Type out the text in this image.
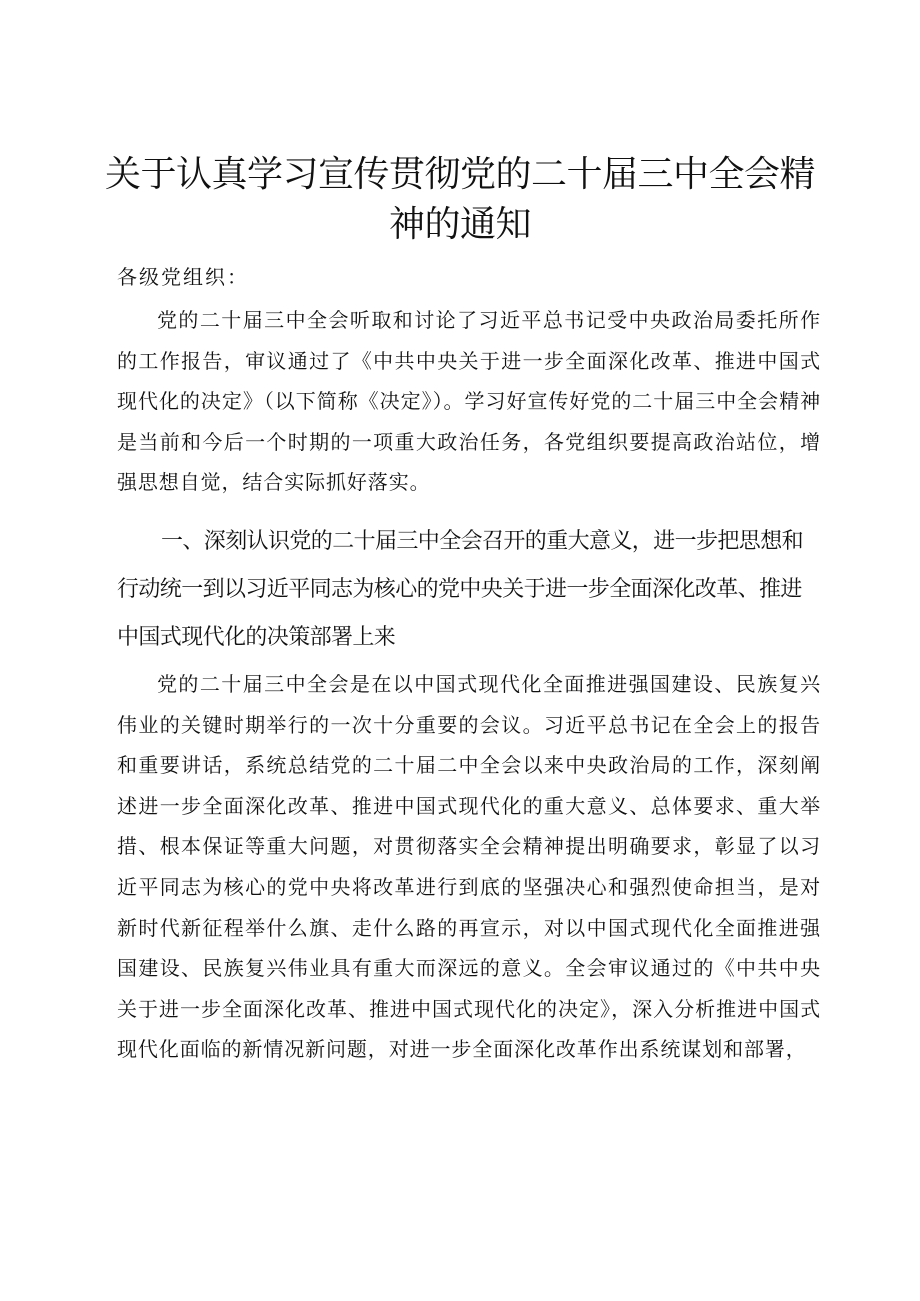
关于认真学习宣传贯彻党的二十届三中全会精神的通知

各级党组织：

党的二十届三中全会听取和讨论了习近平总书记受中央政治局委托所作的工作报告，审议通过了《中共中央关于进一步全面深化改革、推进中国式现代化的决定》（以下简称《决定》）。学习好宣传好党的二十届三中全会精神是当前和今后一个时期的一项重大政治任务，各党组织要提高政治站位，增强思想自觉，结合实际抓好落实。

一、深刻认识党的二十届三中全会召开的重大意义，进一步把思想和行动统一到以习近平同志为核心的党中央关于进一步全面深化改革、推进中国式现代化的决策部署上来

党的二十届三中全会是在以中国式现代化全面推进强国建设、民族复兴伟业的关键时期举行的一次十分重要的会议。习近平总书记在全会上的报告和重要讲话，系统总结党的二十届二中全会以来中央政治局的工作，深刻阐述进一步全面深化改革、推进中国式现代化的重大意义、总体要求、重大举措、根本保证等重大问题，对贯彻落实全会精神提出明确要求，彰显了以习近平同志为核心的党中央将改革进行到底的坚强决心和强烈使命担当，是对新时代新征程举什么旗、走什么路的再宣示，对以中国式现代化全面推进强国建设、民族复兴伟业具有重大而深远的意义。全会审议通过的《中共中央关于进一步全面深化改革、推进中国式现代化的决定》，深入分析推进中国式现代化面临的新情况新问题，对进一步全面深化改革作出系统谋划和部署，
